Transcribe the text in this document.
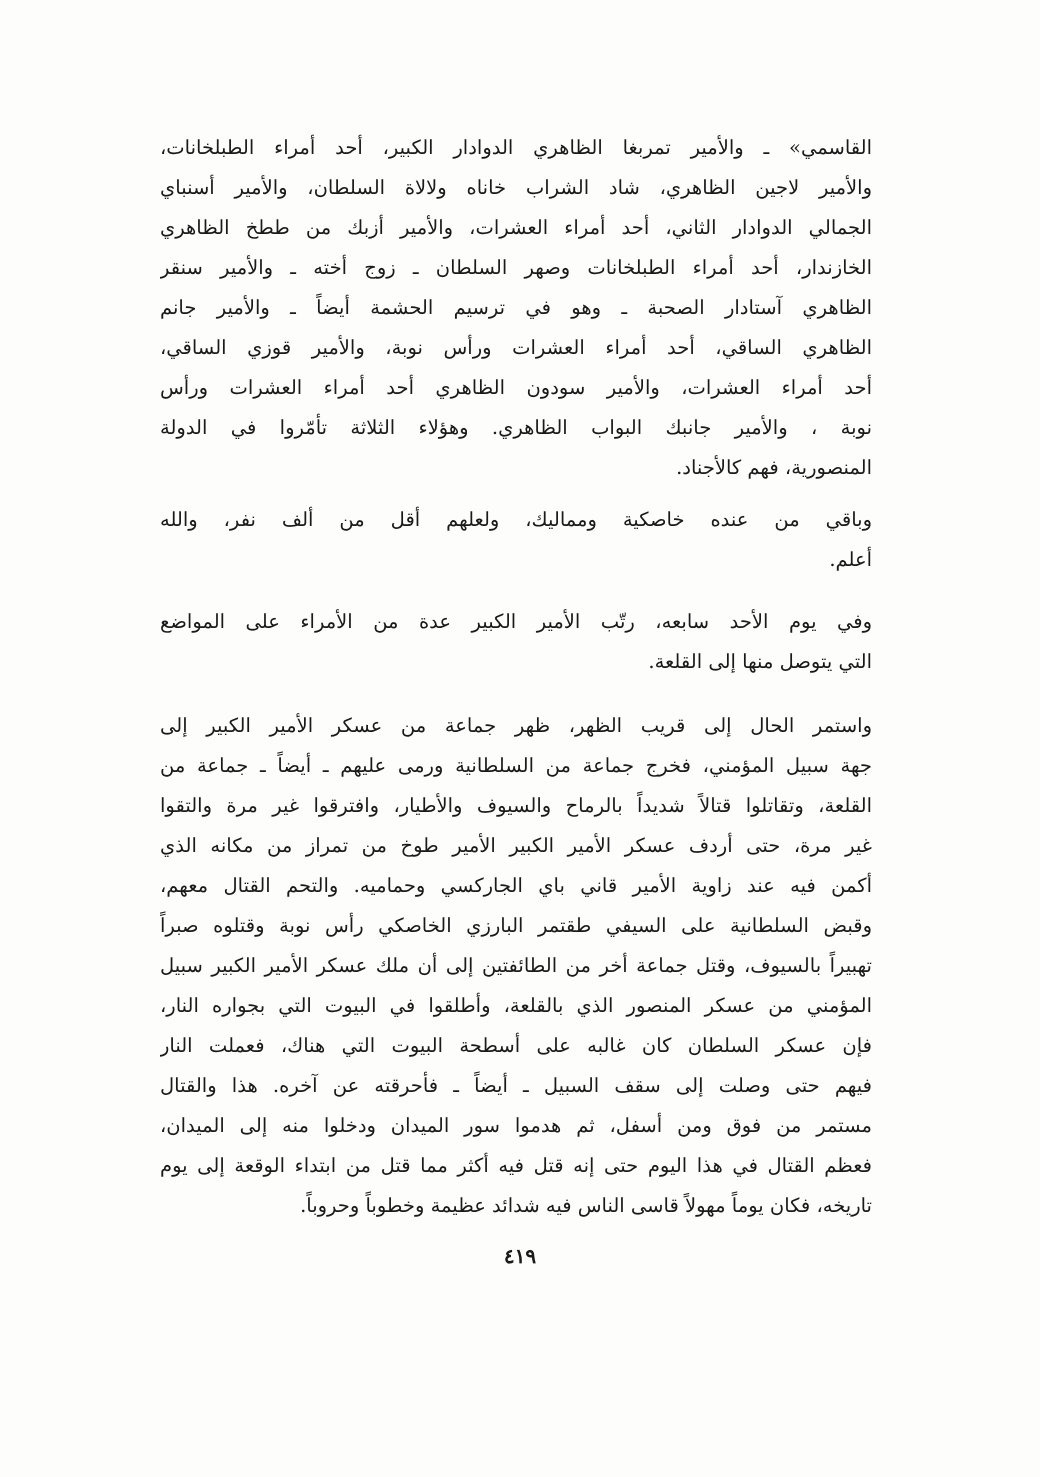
القاسمي» ـ والأمير تمربغا الظاهري الدوادار الكبير، أحد أمراء الطبلخانات،
والأمير لاجين الظاهري، شاد الشراب خاناه ولالاة السلطان، والأمير أسنباي
الجمالي الدوادار الثاني، أحد أمراء العشرات، والأمير أزبك من ططخ الظاهري
الخازندار، أحد أمراء الطبلخانات وصهر السلطان ـ زوج أخته ـ والأمير سنقر
الظاهري آستادار الصحبة ـ وهو في ترسيم الحشمة أيضاً ـ والأمير جانم
الظاهري الساقي، أحد أمراء العشرات ورأس نوبة، والأمير قوزي الساقي،
أحد أمراء العشرات، والأمير سودون الظاهري أحد أمراء العشرات ورأس
نوبة ، والأمير جانبك البواب الظاهري. وهؤلاء الثلاثة تأمّروا في الدولة
المنصورية، فهم كالأجناد.
وباقي من عنده خاصكية ومماليك، ولعلهم أقل من ألف نفر، والله
أعلم.
وفي يوم الأحد سابعه، رتّب الأمير الكبير عدة من الأمراء على المواضع
التي يتوصل منها إلى القلعة.
واستمر الحال إلى قريب الظهر، ظهر جماعة من عسكر الأمير الكبير إلى
جهة سبيل المؤمني، فخرج جماعة من السلطانية ورمى عليهم ـ أيضاً ـ جماعة من
القلعة، وتقاتلوا قتالاً شديداً بالرماح والسيوف والأطيار، وافترقوا غير مرة والتقوا
غير مرة، حتى أردف عسكر الأمير الكبير الأمير طوخ من تمراز من مكانه الذي
أكمن فيه عند زاوية الأمير قاني باي الجاركسي وحماميه. والتحم القتال معهم،
وقبض السلطانية على السيفي طقتمر البارزي الخاصكي رأس نوبة وقتلوه صبراً
تهبيراً بالسيوف، وقتل جماعة أخر من الطائفتين إلى أن ملك عسكر الأمير الكبير سبيل
المؤمني من عسكر المنصور الذي بالقلعة، وأطلقوا في البيوت التي بجواره النار،
فإن عسكر السلطان كان غالبه على أسطحة البيوت التي هناك، فعملت النار
فيهم حتى وصلت إلى سقف السبيل ـ أيضاً ـ فأحرقته عن آخره. هذا والقتال
مستمر من فوق ومن أسفل، ثم هدموا سور الميدان ودخلوا منه إلى الميدان،
فعظم القتال في هذا اليوم حتى إنه قتل فيه أكثر مما قتل من ابتداء الوقعة إلى يوم
تاريخه، فكان يوماً مهولاً قاسى الناس فيه شدائد عظيمة وخطوباً وحروباً.
٤١٩
